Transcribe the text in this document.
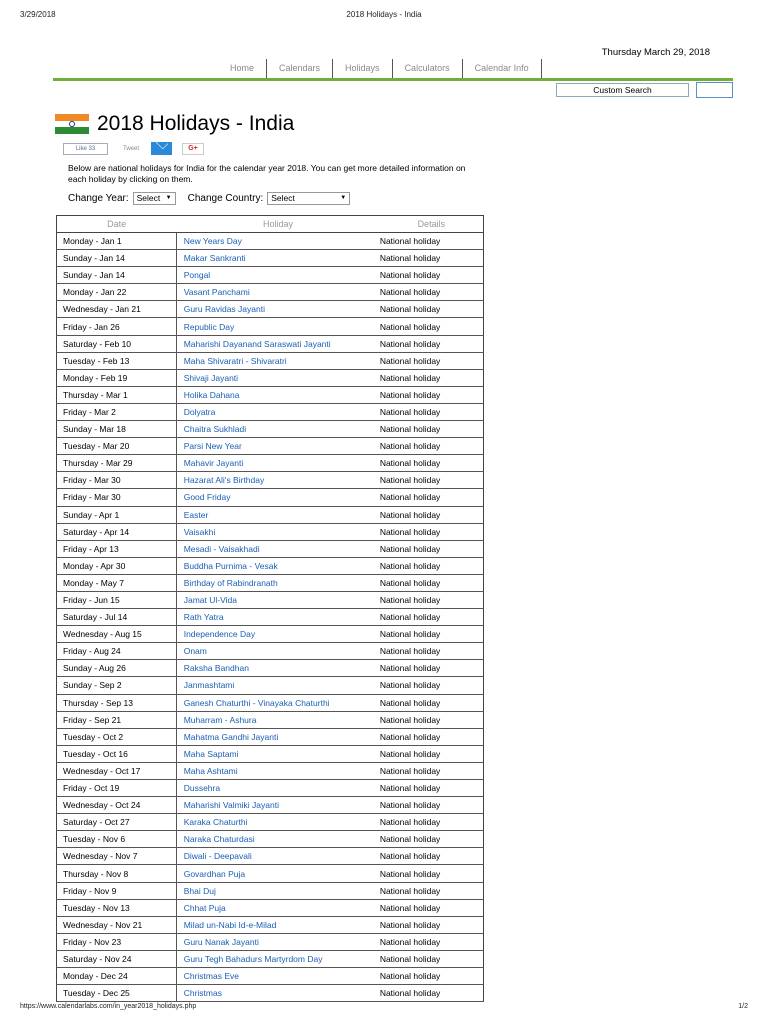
3/29/2018	2018 Holidays - India
Thursday March 29, 2018
Home	Calendars	Holidays	Calculators	Calendar Info
Custom Search
2018 Holidays - India
Like 33	Tweet	G+

Below are national holidays for India for the calendar year 2018. You can get more detailed information on each holiday by clicking on them.

Change Year: Select ▼ Change Country: Select	▼
Date	Holiday	Details
Monday - Jan 1	New Years Day	National holiday
Sunday - Jan 14	Makar Sankranti	National holiday
Sunday - Jan 14	Pongal	National holiday
Monday - Jan 22	Vasant Panchami	National holiday
Wednesday - Jan 21	Guru Ravidas Jayanti	National holiday
Friday - Jan 26	Republic Day	National holiday
Saturday - Feb 10	Maharishi Dayanand Saraswati Jayanti	National holiday
Tuesday - Feb 13	Maha Shivaratri - Shivaratri	National holiday
Monday - Feb 19	Shivaji Jayanti	National holiday
Thursday - Mar 1	Holika Dahana	National holiday
Friday - Mar 2	Dolyatra	National holiday
Sunday - Mar 18	Chaitra Sukhladi	National holiday
Tuesday - Mar 20	Parsi New Year	National holiday
Thursday - Mar 29	Mahavir Jayanti	National holiday
Friday - Mar 30	Hazarat Ali's Birthday	National holiday
Friday - Mar 30	Good Friday	National holiday
Sunday - Apr 1	Easter	National holiday
Saturday - Apr 14	Vaisakhi	National holiday
Friday - Apr 13	Mesadi - Vaisakhadi	National holiday
Monday - Apr 30	Buddha Purnima - Vesak	National holiday
Monday - May 7	Birthday of Rabindranath	National holiday
Friday - Jun 15	Jamat Ul-Vida	National holiday
Saturday - Jul 14	Rath Yatra	National holiday
Wednesday - Aug 15	Independence Day	National holiday
Friday - Aug 24	Onam	National holiday
Sunday - Aug 26	Raksha Bandhan	National holiday
Sunday - Sep 2	Janmashtami	National holiday
Thursday - Sep 13	Ganesh Chaturthi - Vinayaka Chaturthi	National holiday
Friday - Sep 21	Muharram - Ashura	National holiday
Tuesday - Oct 2	Mahatma Gandhi Jayanti	National holiday
Tuesday - Oct 16	Maha Saptami	National holiday
Wednesday - Oct 17	Maha Ashtami	National holiday
Friday - Oct 19	Dussehra	National holiday
Wednesday - Oct 24	Maharishi Valmiki Jayanti	National holiday
Saturday - Oct 27	Karaka Chaturthi	National holiday
Tuesday - Nov 6	Naraka Chaturdasi	National holiday
Wednesday - Nov 7	Diwali - Deepavali	National holiday
Thursday - Nov 8	Govardhan Puja	National holiday
Friday - Nov 9	Bhai Duj	National holiday
Tuesday - Nov 13	Chhat Puja	National holiday
Wednesday - Nov 21	Milad un-Nabi Id-e-Milad	National holiday
Friday - Nov 23	Guru Nanak Jayanti	National holiday
Saturday - Nov 24	Guru Tegh Bahadurs Martyrdom Day	National holiday
Monday - Dec 24	Christmas Eve	National holiday
Tuesday - Dec 25	Christmas	National holiday
https://www.calendarlabs.com/in_year2018_holidays.php	1/2
